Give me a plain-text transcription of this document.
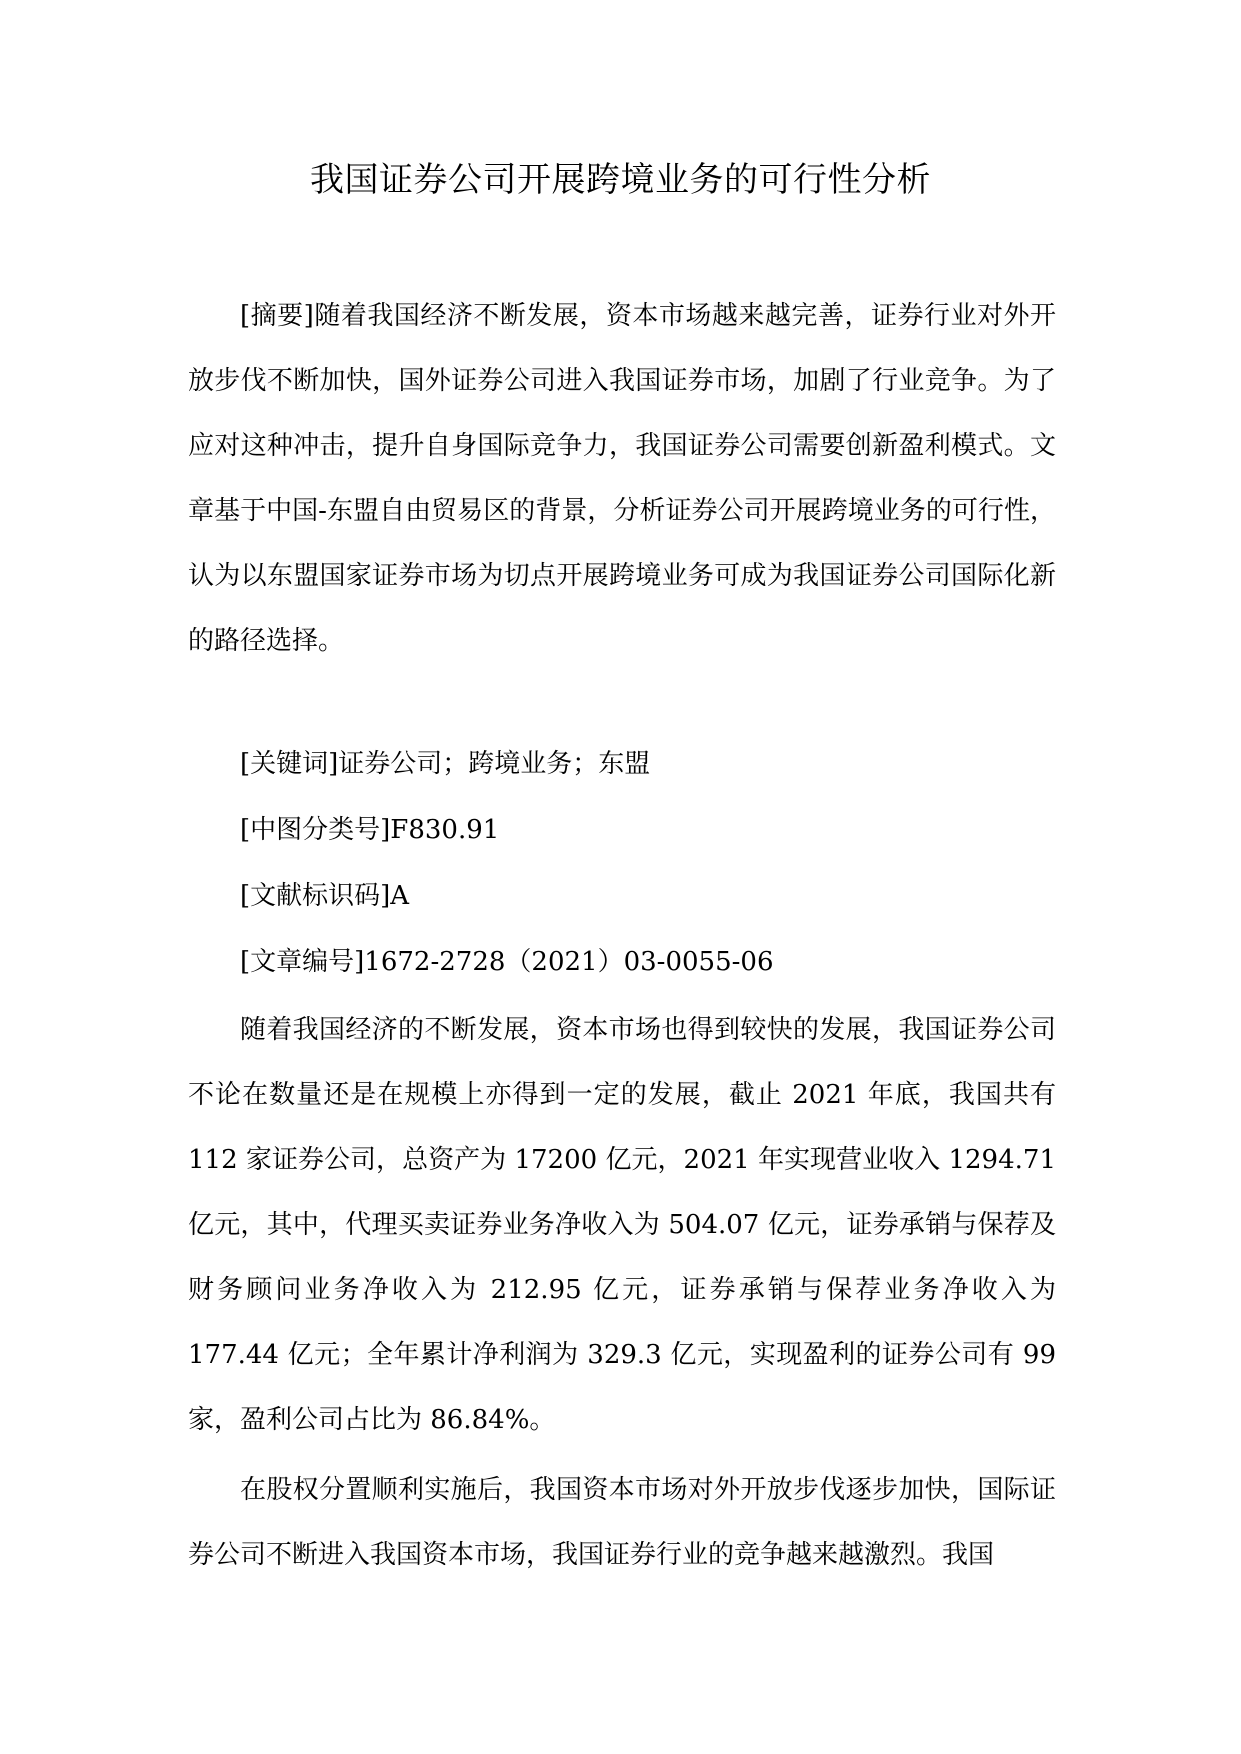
我国证券公司开展跨境业务的可行性分析

[摘要]随着我国经济不断发展，资本市场越来越完善，证券行业对外开放步伐不断加快，国外证券公司进入我国证券市场，加剧了行业竞争。为了应对这种冲击，提升自身国际竞争力，我国证券公司需要创新盈利模式。文章基于中国-东盟自由贸易区的背景，分析证券公司开展跨境业务的可行性，认为以东盟国家证券市场为切点开展跨境业务可成为我国证券公司国际化新的路径选择。

[关键词]证券公司；跨境业务；东盟

[中图分类号]F830.91

[文献标识码]A

[文章编号]1672-2728（2021）03-0055-06

随着我国经济的不断发展，资本市场也得到较快的发展，我国证券公司不论在数量还是在规模上亦得到一定的发展，截止 2021 年底，我国共有 112 家证券公司，总资产为 17200 亿元，2021 年实现营业收入 1294.71 亿元，其中，代理买卖证券业务净收入为 504.07 亿元，证券承销与保荐及财务顾问业务净收入为 212.95 亿元，证券承销与保荐业务净收入为 177.44 亿元；全年累计净利润为 329.3 亿元，实现盈利的证券公司有 99 家，盈利公司占比为 86.84%。

在股权分置顺利实施后，我国资本市场对外开放步伐逐步加快，国际证券公司不断进入我国资本市场，我国证券行业的竞争越来越激烈。我国
